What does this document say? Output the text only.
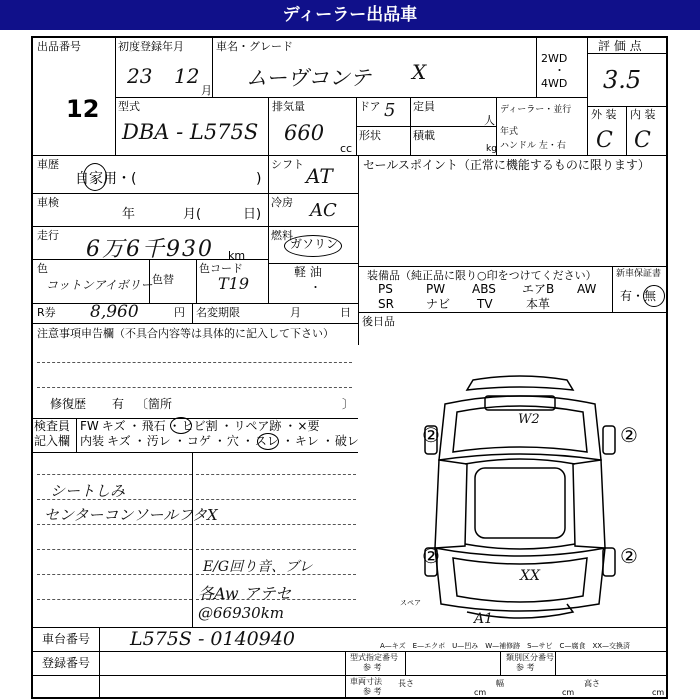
ディーラー出品車
出品番号
12
初度登録年月
23 12
月
車名・グレード
ムーヴコンテ X
2WD
・
4WD
評 価 点
3.5
型式
DBA - L575S
排気量
660
cc
ドア 5 定員
人
形状	積載
kg
ディーラー・並行
年式
ハンドル 左・右
外 装 内 装
C C
車歴
自家用・(	)
車検
年	月(	日)
走行
6万6千930 km
色
コットンアイボリー 色替
色コード
T19
シフト AT
冷房 AC
燃料
ガソリン
軽 油
・
セールスポイント（正常に機能するものに限ります）
装備品（純正品に限り○印をつけてください）
PS	PW ABS エアB AW
SR	ナビ TV	本革
新車保証書
有・無
R券 8,960	円 名変期限	月	日
後日品
注意事項申告欄（不具合内容等は具体的に記入して下さい）
修復歴 有 〔箇所	〕
検査員
記入欄
FW キズ ・飛石 ・ヒビ割 ・リペア跡 ・×要
内装 キズ ・汚レ ・コゲ ・穴 ・スレ ・キレ ・破レ
シートしみ
センターコンソールフタX
E/G回り音、ブレ
各Aw アテセ
@66930km
W2
XX
A1
②	②
②	②
スペア
A—キズ　E—エクボ　U—凹み　W—補修跡　S—サビ　C—腐食　XX—交換済
車台番号 L575S - 0140940
登録番号	型式指定番号
参 考
類別区分番号
参 考
車両寸法
参 考
長さ
cm
幅
cm
高さ
cm
